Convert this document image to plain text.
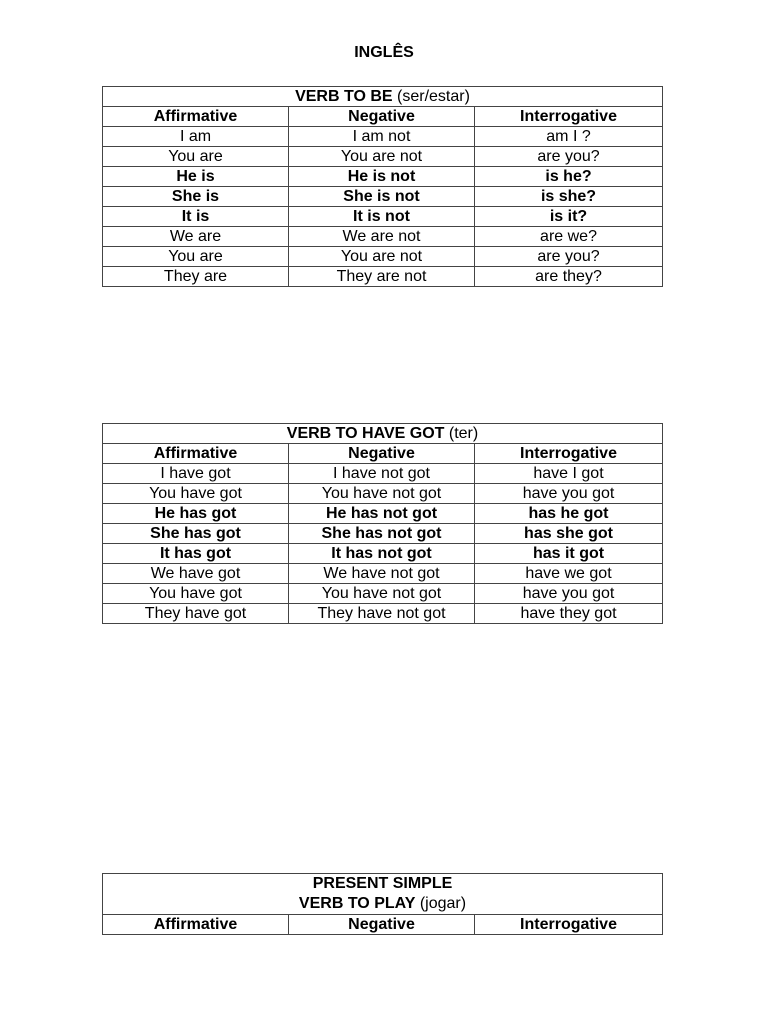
INGLÊS
VERB TO BE (ser/estar)		
Affirmative	Negative	Interrogative
I am	I am not	am I ?
You are	You are not	are you?
He is	He is not	is he?
She is	She is not	is she?
It is	It is not	is it?
We are	We are not	are we?
You are	You are not	are you?
They are	They are not	are they?
VERB TO HAVE GOT (ter)		
Affirmative	Negative	Interrogative
I have got	I have not got	have I got
You have got	You have not got	have you got
He has got	He has not got	has he got
She has got	She has not got	has she got
It has got	It has not got	has it got
We have got	We have not got	have we got
You have got	You have not got	have you got
They have got	They have not got	have they got
PRESENT SIMPLE
VERB TO PLAY (jogar)
Affirmative	Negative	Interrogative
